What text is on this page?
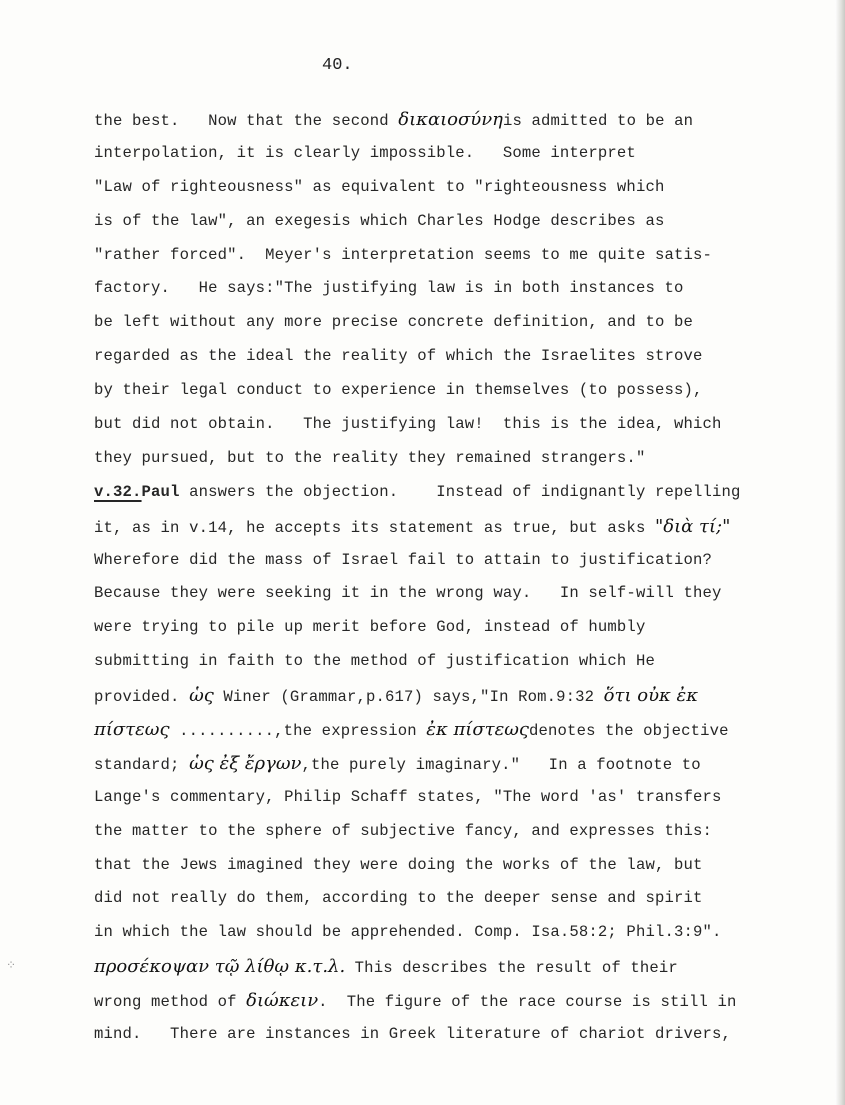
40.
the best.   Now that the second δικαιοσύνηis admitted to be an
interpolation, it is clearly impossible.   Some interpret
"Law of righteousness" as equivalent to "righteousness which
is of the law", an exegesis which Charles Hodge describes as
"rather forced".  Meyer's interpretation seems to me quite satis-
factory.   He says:"The justifying law is in both instances to
be left without any more precise concrete definition, and to be
regarded as the ideal the reality of which the Israelites strove
by their legal conduct to experience in themselves (to possess),
but did not obtain.   The justifying law!  this is the idea, which
they pursued, but to the reality they remained strangers."
v.32.Paul answers the objection.    Instead of indignantly repelling
it, as in v.14, he accepts its statement as true, but asks "διὰ τί;"
Wherefore did the mass of Israel fail to attain to justification?
Because they were seeking it in the wrong way.   In self-will they
were trying to pile up merit before God, instead of humbly
submitting in faith to the method of justification which He
provided. ὡς Winer (Grammar,p.617) says,"In Rom.9:32 ὅτι οὐκ ἐκ
πίστεως ..........,the expression ἐκ πίστεωςdenotes the objective
standard; ὡς ἐξ ἔργων,the purely imaginary."   In a footnote to
Lange's commentary, Philip Schaff states, "The word 'as' transfers
the matter to the sphere of subjective fancy, and expresses this:
that the Jews imagined they were doing the works of the law, but
did not really do them, according to the deeper sense and spirit
in which the law should be apprehended. Comp. Isa.58:2; Phil.3:9".
προσέκοψαν τῷ λίθῳ κ.τ.λ. This describes the result of their
wrong method of διώκειν.  The figure of the race course is still in
mind.   There are instances in Greek literature of chariot drivers,
⁘
